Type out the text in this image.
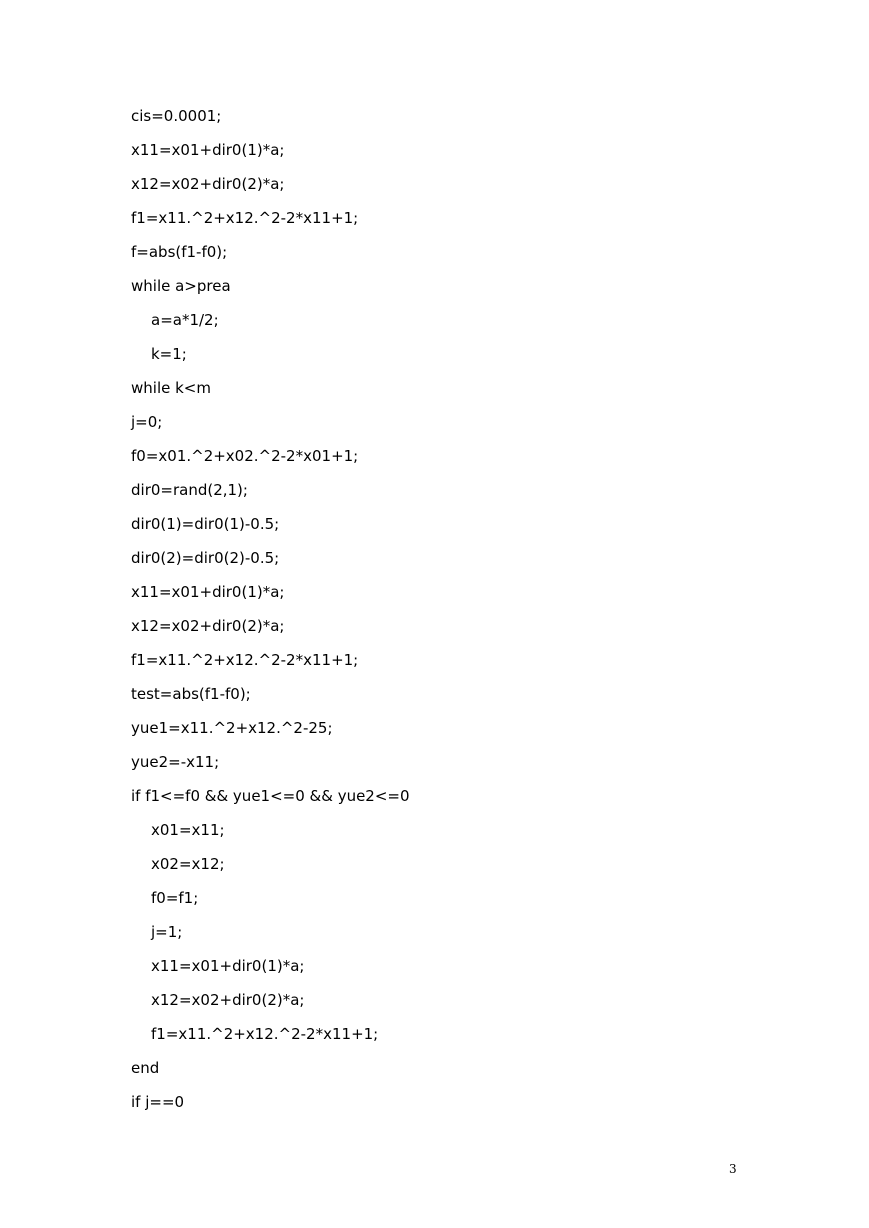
cis=0.0001;
x11=x01+dir0(1)*a;
x12=x02+dir0(2)*a;
f1=x11.^2+x12.^2-2*x11+1;
f=abs(f1-f0);
while a>prea
a=a*1/2;
k=1;
while k<m
j=0;
f0=x01.^2+x02.^2-2*x01+1;
dir0=rand(2,1);
dir0(1)=dir0(1)-0.5;
dir0(2)=dir0(2)-0.5;
x11=x01+dir0(1)*a;
x12=x02+dir0(2)*a;
f1=x11.^2+x12.^2-2*x11+1;
test=abs(f1-f0);
yue1=x11.^2+x12.^2-25;
yue2=-x11;
if f1<=f0 && yue1<=0 && yue2<=0
x01=x11;
x02=x12;
f0=f1;
j=1;
x11=x01+dir0(1)*a;
x12=x02+dir0(2)*a;
f1=x11.^2+x12.^2-2*x11+1;
end
if j==0
3
